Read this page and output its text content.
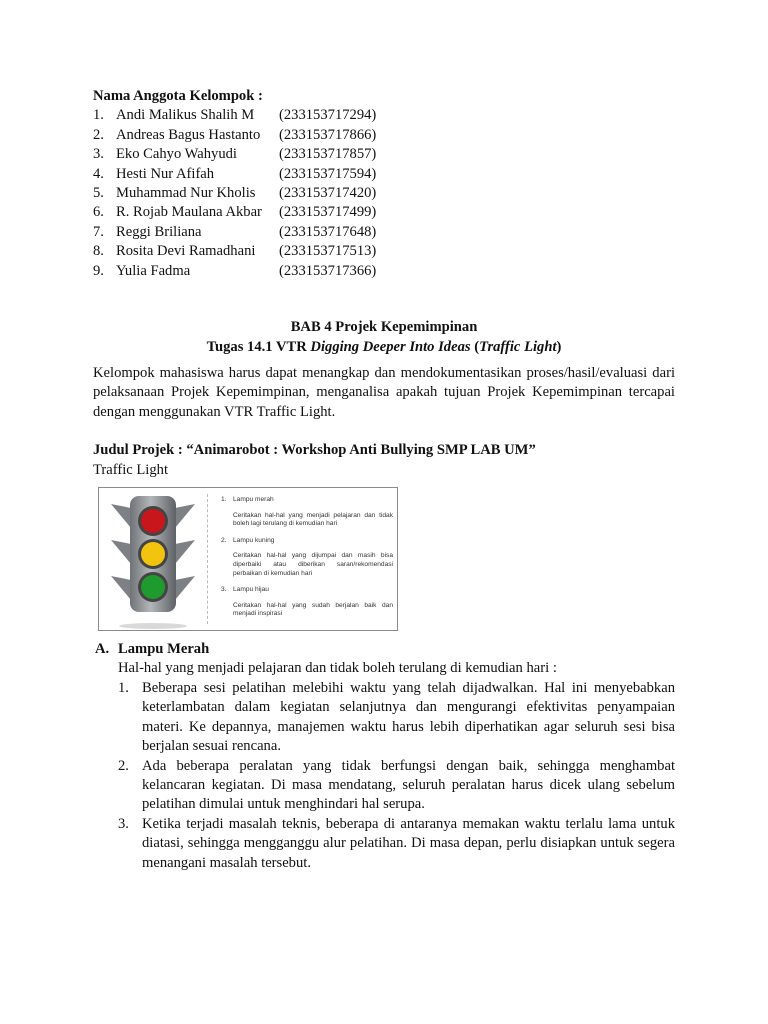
Nama Anggota Kelompok :
1. Andi Malikus Shalih M	(233153717294)
2. Andreas Bagus Hastanto	(233153717866)
3. Eko Cahyo Wahyudi	(233153717857)
4. Hesti Nur Afifah	(233153717594)
5. Muhammad Nur Kholis	(233153717420)
6. R. Rojab Maulana Akbar	(233153717499)
7. Reggi Briliana	(233153717648)
8. Rosita Devi Ramadhani	(233153717513)
9. Yulia Fadma	(233153717366)
BAB 4 Projek Kepemimpinan
Tugas 14.1 VTR Digging Deeper Into Ideas (Traffic Light)
Kelompok mahasiswa harus dapat menangkap dan mendokumentasikan proses/hasil/evaluasi dari pelaksanaan Projek Kepemimpinan, menganalisa apakah tujuan Projek Kepemimpinan tercapai dengan menggunakan VTR Traffic Light.
Judul Projek : “Animarobot : Workshop Anti Bullying SMP LAB UM”
Traffic Light
1. Lampu merah
Ceritakan hal-hal yang menjadi pelajaran dan tidak boleh lagi terulang di kemudian hari
2. Lampu kuning
Ceritakan hal-hal yang dijumpai dan masih bisa diperbaiki atau diberikan saran/rekomendasi perbaikan di kemudian hari
3. Lampu hijau
Ceritakan hal-hal yang sudah berjalan baik dan menjadi inspirasi
A. Lampu Merah
Hal-hal yang menjadi pelajaran dan tidak boleh terulang di kemudian hari :
1. Beberapa sesi pelatihan melebihi waktu yang telah dijadwalkan. Hal ini menyebabkan keterlambatan dalam kegiatan selanjutnya dan mengurangi efektivitas penyampaian materi. Ke depannya, manajemen waktu harus lebih diperhatikan agar seluruh sesi bisa berjalan sesuai rencana.
2. Ada beberapa peralatan yang tidak berfungsi dengan baik, sehingga menghambat kelancaran kegiatan. Di masa mendatang, seluruh peralatan harus dicek ulang sebelum pelatihan dimulai untuk menghindari hal serupa.
3. Ketika terjadi masalah teknis, beberapa di antaranya memakan waktu terlalu lama untuk diatasi, sehingga mengganggu alur pelatihan. Di masa depan, perlu disiapkan untuk segera menangani masalah tersebut.
